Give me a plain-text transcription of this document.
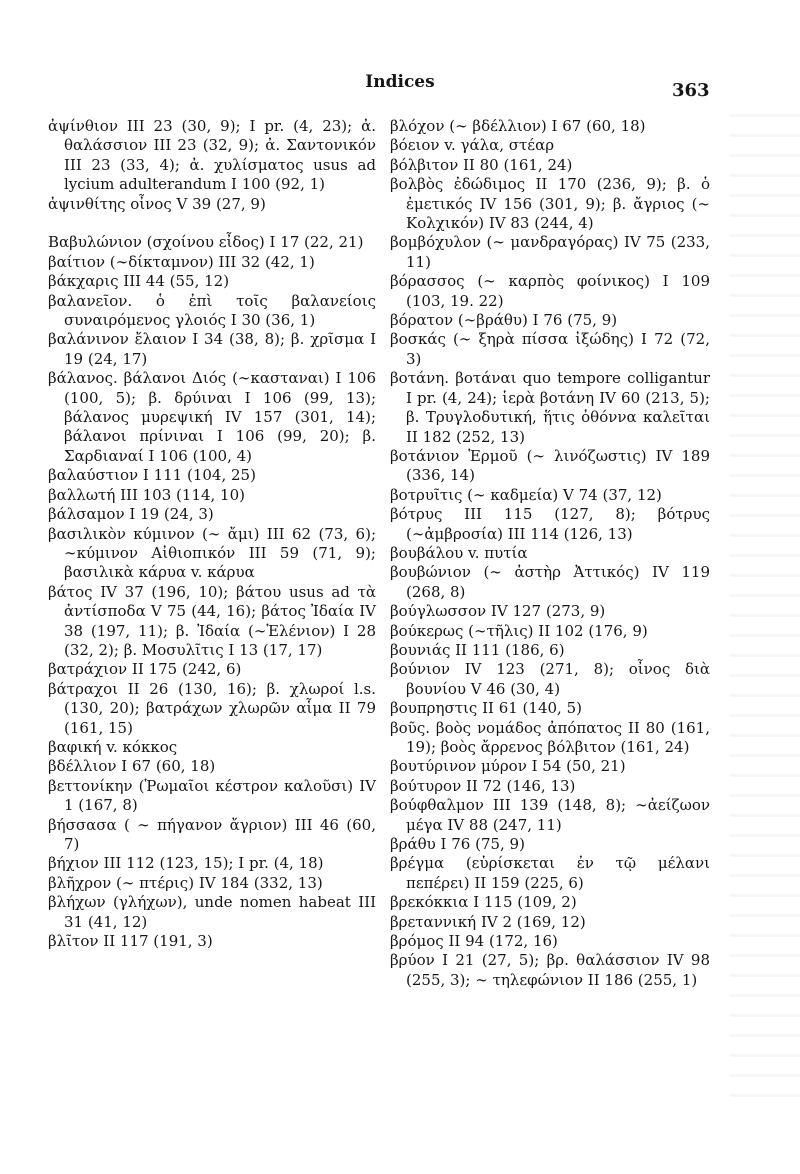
Indices	363
ἀψίνθιον III 23 (30, 9); I pr. (4, 23); ἀ. θαλάσσιον III 23 (32, 9); ἀ. Σαντονικόν III 23 (33, 4); ἀ. χυλίσματος usus ad lycium adulterandum I 100 (92, 1)
ἀψινθίτης οἶνος V 39 (27, 9)
Βαβυλώνιον (σχοίνου εἶδος) I 17 (22, 21)
βαίτιον (∼δίκταμνον) III 32 (42, 1)
βάκχαρις III 44 (55, 12)
βαλανεῖον. ὁ ἐπὶ τοῖς βαλανείοις συναιρόμενος γλοιός I 30 (36, 1)
βαλάνινον ἔλαιον I 34 (38, 8); β. χρῖσμα I 19 (24, 17)
βάλανος. βάλανοι Διός (∼κασταναι) I 106 (100, 5); β. δρύιναι I 106 (99, 13); βάλανος μυρεψική IV 157 (301, 14); βάλανοι πρίνιναι I 106 (99, 20); β. Σαρδιαναί I 106 (100, 4)
βαλαύστιον I 111 (104, 25)
βαλλωτή III 103 (114, 10)
βάλσαμον I 19 (24, 3)
βασιλικὸν κύμινον (∼ ἄμι) III 62 (73, 6); ∼κύμινον Αἰθιοπικόν III 59 (71, 9); βασιλικὰ κάρυα v. κάρυα
βάτος IV 37 (196, 10); βάτου usus ad τὰ ἀντίσποδα V 75 (44, 16); βάτος Ἰδαία IV 38 (197, 11); β. Ἰδαία (∼Ἑλένιον) I 28 (32, 2); β. Μοσυλῖτις I 13 (17, 17)
βατράχιον II 175 (242, 6)
βάτραχοι II 26 (130, 16); β. χλωροί l.s. (130, 20); βατράχων χλωρῶν αἷμα II 79 (161, 15)
βαφική v. κόκκος
βδέλλιον I 67 (60, 18)
βεττονίκην (Ῥωμαῖοι κέστρον καλοῦσι) IV 1 (167, 8)
βήσσασα ( ∼ πήγανον ἄγριον) III 46 (60, 7)
βήχιον III 112 (123, 15); I pr. (4, 18)
βλῆχρον (∼ πτέρις) IV 184 (332, 13)
βλήχων (γλήχων), unde nomen habeat III 31 (41, 12)
βλῖτον II 117 (191, 3)
βλόχον (∼ βδέλλιον) I 67 (60, 18)
βόειον v. γάλα, στέαρ
βόλβιτον II 80 (161, 24)
βολβὸς ἐδώδιμος II 170 (236, 9); β. ὁ ἐμετικός IV 156 (301, 9); β. ἄγριος (∼ Κολχικόν) IV 83 (244, 4)
βομβόχυλον (∼ μανδραγόρας) IV 75 (233, 11)
βόρασσος (∼ καρπὸς φοίνικος) I 109 (103, 19. 22)
βόρατον (∼βράθυ) I 76 (75, 9)
βοσκάς (∼ ξηρὰ πίσσα ἰξώδης) I 72 (72, 3)
βοτάνη. βοτάναι quo tempore colligantur I pr. (4, 24); ἱερὰ βοτάνη IV 60 (213, 5); β. Τρυγλοδυτική, ἥτις ὀθόννα καλεῖται II 182 (252, 13)
βοτάνιον Ἑρμοῦ (∼ λινόζωστις) IV 189 (336, 14)
βοτρυῖτις (∼ καδμεία) V 74 (37, 12)
βότρυς III 115 (127, 8); βότρυς (∼ἀμβροσία) III 114 (126, 13)
βουβάλου v. πυτία
βουβώνιον (∼ ἀστὴρ Ἀττικός) IV 119 (268, 8)
βούγλωσσον IV 127 (273, 9)
βούκερως (∼τῆλις) II 102 (176, 9)
βουνιάς II 111 (186, 6)
βούνιον IV 123 (271, 8); οἶνος διὰ βουνίου V 46 (30, 4)
βουπρηστις II 61 (140, 5)
βοῦς. βοὸς νομάδος ἀπόπατος II 80 (161, 19); βοὸς ἄρρενος βόλβιτον (161, 24)
βουτύρινον μύρον I 54 (50, 21)
βούτυρον II 72 (146, 13)
βούφθαλμον III 139 (148, 8); ∼ἀείζωον μέγα IV 88 (247, 11)
βράθυ I 76 (75, 9)
βρέγμα (εὑρίσκεται ἐν τῷ μέλανι πεπέρει) II 159 (225, 6)
βρεκόκκια I 115 (109, 2)
βρεταννική IV 2 (169, 12)
βρόμος II 94 (172, 16)
βρύον I 21 (27, 5); βρ. θαλάσσιον IV 98 (255, 3); ∼ τηλεφώνιον II 186 (255, 1)
